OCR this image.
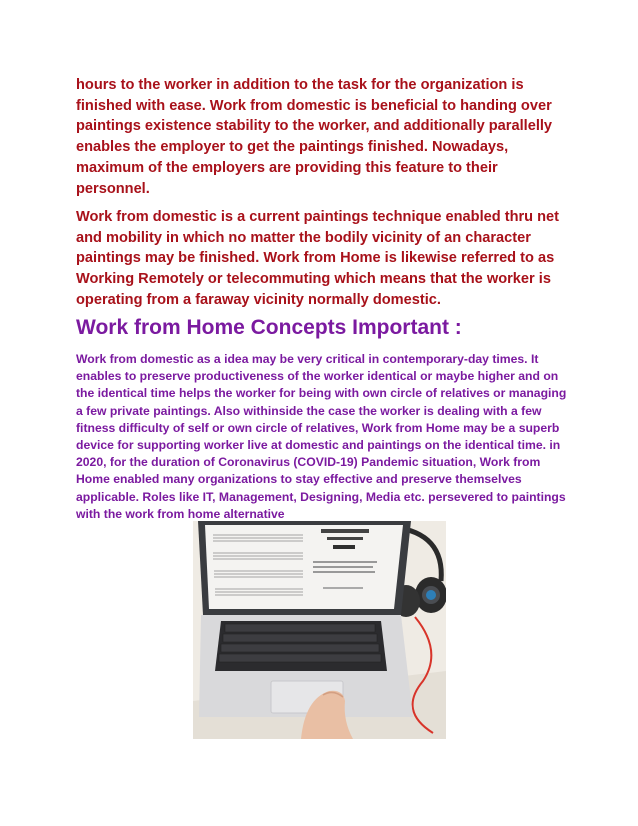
hours to the worker in addition to the task for the organization is finished with ease. Work from domestic is beneficial to handing over paintings existence stability to the worker, and additionally parallelly enables the employer to get the paintings finished. Nowadays, maximum of the employers are providing this feature to their personnel.

Work from domestic is a current paintings technique enabled thru net and mobility in which no matter the bodily vicinity of an character paintings may be finished. Work from Home is likewise referred to as Working Remotely or telecommuting which means that the worker is operating from a faraway vicinity normally domestic.

Work from Home Concepts Important :

Work from domestic as a idea may be very critical in contemporary-day times. It enables to preserve productiveness of the worker identical or maybe higher and on the identical time helps the worker for being with own circle of relatives or managing a few private paintings. Also withinside the case the worker is dealing with a few fitness difficulty of self or own circle of relatives, Work from Home may be a superb device for supporting worker live at domestic and paintings on the identical time. in 2020, for the duration of Coronavirus (COVID-19) Pandemic situation, Work from Home enabled many organizations to stay effective and preserve themselves applicable. Roles like IT, Management, Designing, Media etc. persevered to paintings with the work from home alternative
